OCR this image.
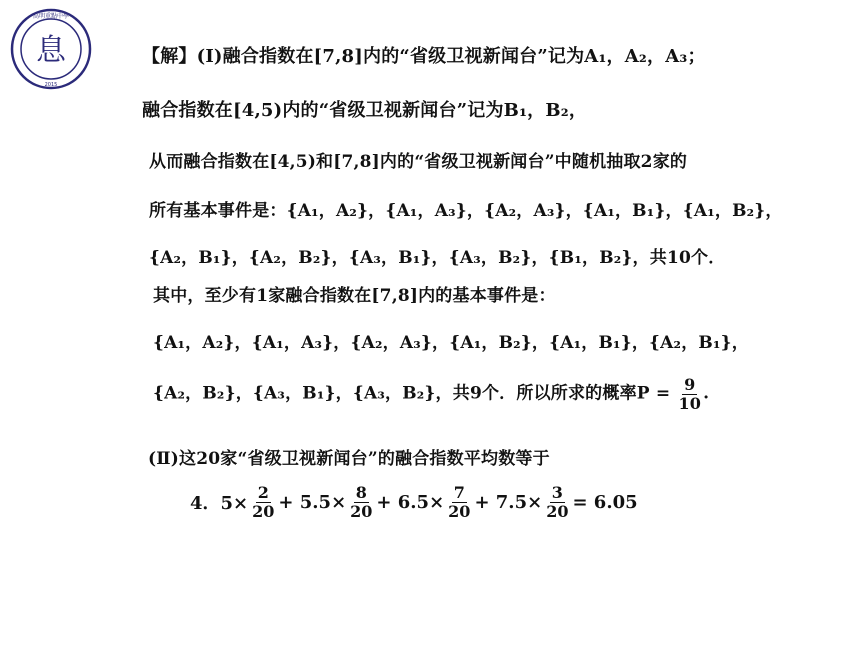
息
高明重點中學
2015
【解】(Ⅰ)融合指数在[7,8]内的“省级卫视新闻台”记为A₁，A₂，A₃；
融合指数在[4,5)内的“省级卫视新闻台”记为B₁，B₂，
从而融合指数在[4,5)和[7,8]内的“省级卫视新闻台”中随机抽取2家的
所有基本事件是：{A₁，A₂}，{A₁，A₃}，{A₂，A₃}，{A₁，B₁}，{A₁，B₂}，
{A₂，B₁}，{A₂，B₂}，{A₃，B₁}，{A₃，B₂}，{B₁，B₂}，共10个．
其中，至少有1家融合指数在[7,8]内的基本事件是：
{A₁，A₂}，{A₁，A₃}，{A₂，A₃}，{A₁，B₂}，{A₁，B₁}，{A₂，B₁}，
{A₂，B₂}，{A₃，B₁}，{A₃，B₂}，共9个．所以所求的概率$P = \frac{9}{10}$ .
(Ⅱ)这20家“省级卫视新闻台”的融合指数平均数等于
4．$5\times \frac{2}{20} + 5.5\times \frac{8}{20} + 6.5\times \frac{7}{20} + 7.5\times \frac{3}{20} = 6.05$
